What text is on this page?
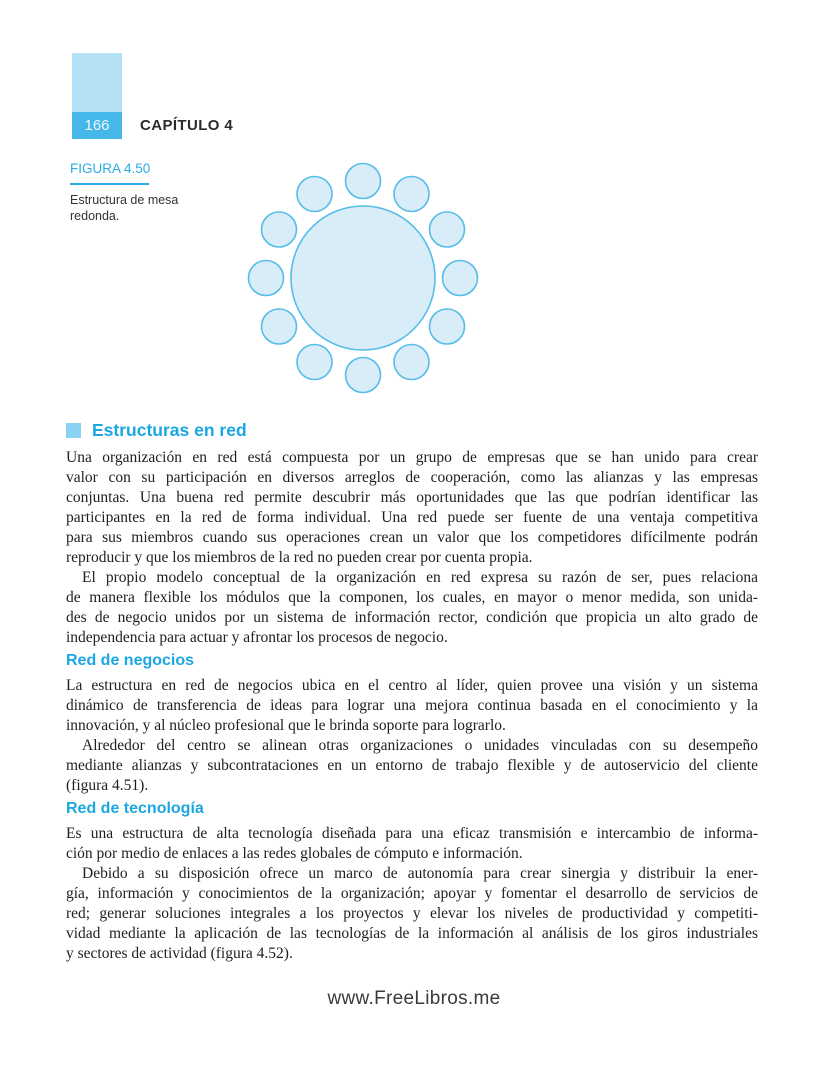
166	CAPÍTULO 4
FIGURA 4.50
Estructura de mesa redonda.
Estructuras en red
Una organización en red está compuesta por un grupo de empresas que se han unido para crear
valor con su participación en diversos arreglos de cooperación, como las alianzas y las empresas
conjuntas. Una buena red permite descubrir más oportunidades que las que podrían identificar las
participantes en la red de forma individual. Una red puede ser fuente de una ventaja competitiva
para sus miembros cuando sus operaciones crean un valor que los competidores difícilmente podrán
reproducir y que los miembros de la red no pueden crear por cuenta propia.
El propio modelo conceptual de la organización en red expresa su razón de ser, pues relaciona
de manera flexible los módulos que la componen, los cuales, en mayor o menor medida, son unida-
des de negocio unidos por un sistema de información rector, condición que propicia un alto grado de
independencia para actuar y afrontar los procesos de negocio.
Red de negocios
La estructura en red de negocios ubica en el centro al líder, quien provee una visión y un sistema
dinámico de transferencia de ideas para lograr una mejora continua basada en el conocimiento y la
innovación, y al núcleo profesional que le brinda soporte para lograrlo.
Alrededor del centro se alinean otras organizaciones o unidades vinculadas con su desempeño
mediante alianzas y subcontrataciones en un entorno de trabajo flexible y de autoservicio del cliente
(figura 4.51).
Red de tecnología
Es una estructura de alta tecnología diseñada para una eficaz transmisión e intercambio de informa-
ción por medio de enlaces a las redes globales de cómputo e información.
Debido a su disposición ofrece un marco de autonomía para crear sinergia y distribuir la ener-
gía, información y conocimientos de la organización; apoyar y fomentar el desarrollo de servicios de
red; generar soluciones integrales a los proyectos y elevar los niveles de productividad y competiti-
vidad mediante la aplicación de las tecnologías de la información al análisis de los giros industriales
y sectores de actividad (figura 4.52).
www.FreeLibros.me
